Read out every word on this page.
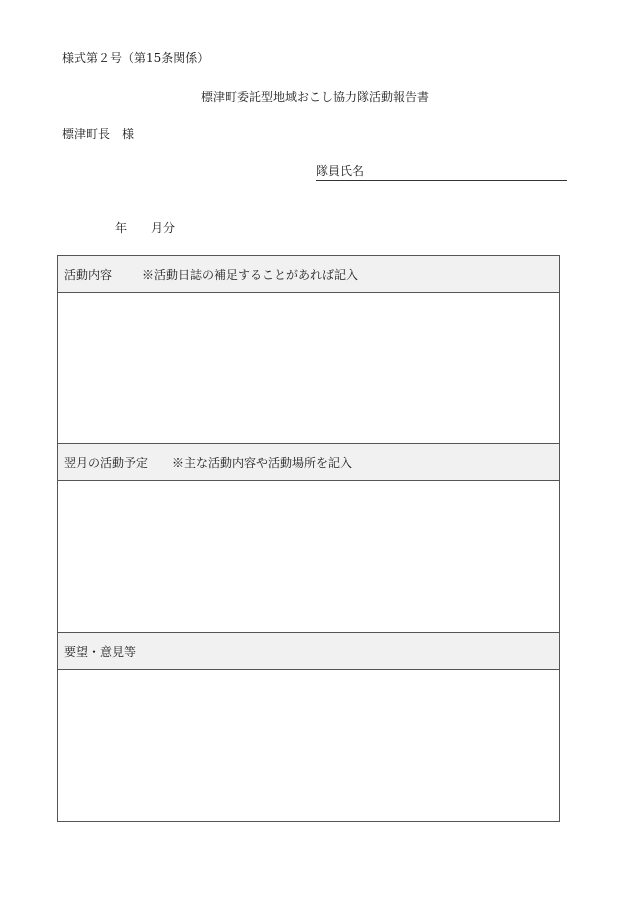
様式第２号（第15条関係）
標津町委託型地域おこし協力隊活動報告書
標津町長 様
隊員氏名
年 月分
活動内容	※活動日誌の補足することがあれば記入
翌月の活動予定 ※主な活動内容や活動場所を記入
要望・意見等
